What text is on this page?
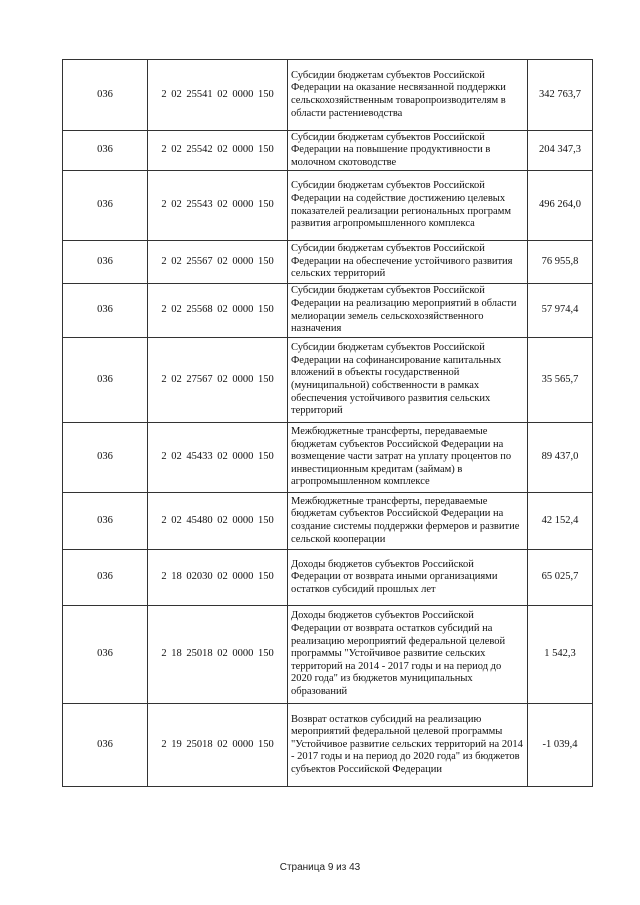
036	2 02 25541 02 0000 150	Субсидии бюджетам субъектов Российской Федерации на оказание несвязанной поддержки сельскохозяйственным товаропроизводителям в области растениеводства	342 763,7
036	2 02 25542 02 0000 150	Субсидии бюджетам субъектов Российской Федерации на повышение продуктивности в молочном скотоводстве	204 347,3
036	2 02 25543 02 0000 150	Субсидии бюджетам субъектов Российской Федерации на содействие достижению целевых показателей реализации региональных программ развития агропромышленного комплекса	496 264,0
036	2 02 25567 02 0000 150	Субсидии бюджетам субъектов Российской Федерации на обеспечение устойчивого развития сельских территорий	76 955,8
036	2 02 25568 02 0000 150	Субсидии бюджетам субъектов Российской Федерации на реализацию мероприятий в области мелиорации земель сельскохозяйственного назначения	57 974,4
036	2 02 27567 02 0000 150	Субсидии бюджетам субъектов Российской Федерации на софинансирование капитальных вложений в объекты государственной (муниципальной) собственности в рамках обеспечения устойчивого развития сельских территорий	35 565,7
036	2 02 45433 02 0000 150	Межбюджетные трансферты, передаваемые бюджетам субъектов Российской Федерации на возмещение части затрат на уплату процентов по инвестиционным кредитам (займам) в агропромышленном комплексе	89 437,0
036	2 02 45480 02 0000 150	Межбюджетные трансферты, передаваемые бюджетам субъектов Российской Федерации на создание системы поддержки фермеров и развитие сельской кооперации	42 152,4
036	2 18 02030 02 0000 150	Доходы бюджетов субъектов Российской Федерации от возврата иными организациями остатков субсидий прошлых лет	65 025,7
036	2 18 25018 02 0000 150	Доходы бюджетов субъектов Российской Федерации от возврата остатков субсидий на реализацию мероприятий федеральной целевой программы "Устойчивое развитие сельских территорий на 2014 - 2017 годы и на период до 2020 года" из бюджетов муниципальных образований	1 542,3
036	2 19 25018 02 0000 150	Возврат остатков субсидий на реализацию мероприятий федеральной целевой программы "Устойчивое развитие сельских территорий на 2014 - 2017 годы и на период до 2020 года" из бюджетов субъектов Российской Федерации	-1 039,4
Страница 9 из 43
